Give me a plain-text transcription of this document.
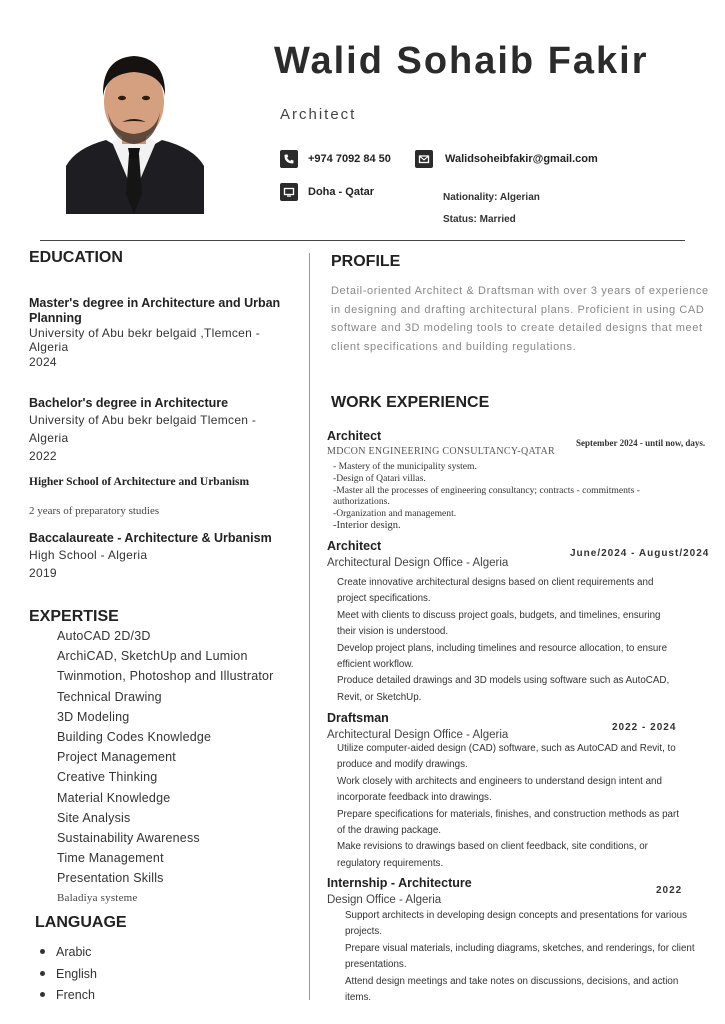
Walid Sohaib Fakir
Architect
+974 7092 84 50	Walidsoheibfakir@gmail.com
Doha - Qatar	Nationality: Algerian
Status: Married
EDUCATION
Master's degree in Architecture and Urban
Planning
University of Abu bekr belgaid ,Tlemcen -
Algeria
2024
Bachelor's degree in Architecture
University of Abu bekr belgaid Tlemcen -
Algeria
2022
Higher School of Architecture and Urbanism
2 years of preparatory studies
Baccalaureate - Architecture & Urbanism
High School - Algeria
2019
EXPERTISE
AutoCAD 2D/3D
ArchiCAD, SketchUp and Lumion
Twinmotion, Photoshop and Illustrator
Technical Drawing
3D Modeling
Building Codes Knowledge
Project Management
Creative Thinking
Material Knowledge
Site Analysis
Sustainability Awareness
Time Management
Presentation Skills
Baladiya systeme
LANGUAGE
Arabic
English
French
PROFILE
Detail-oriented Architect & Draftsman with over 3 years of experience in designing and drafting architectural plans. Proficient in using CAD software and 3D modeling tools to create detailed designs that meet client specifications and building regulations.
WORK EXPERIENCE
Architect
MDCON ENGINEERING CONSULTANCY-QATAR
September 2024 - until now, days.
- Mastery of the municipality system.
-Design of Qatari villas.
-Master all the processes of engineering consultancy; contracts - commitments - authorizations.
-Organization and management.
-Interior design.
Architect
Architectural Design Office - Algeria
June/2024 - August/2024
Create innovative architectural designs based on client requirements and project specifications.
Meet with clients to discuss project goals, budgets, and timelines, ensuring their vision is understood.
Develop project plans, including timelines and resource allocation, to ensure efficient workflow.
Produce detailed drawings and 3D models using software such as AutoCAD, Revit, or SketchUp.
Draftsman
Architectural Design Office - Algeria
2022 - 2024
Utilize computer-aided design (CAD) software, such as AutoCAD and Revit, to produce and modify drawings.
Work closely with architects and engineers to understand design intent and incorporate feedback into drawings.
Prepare specifications for materials, finishes, and construction methods as part of the drawing package.
Make revisions to drawings based on client feedback, site conditions, or regulatory requirements.
Internship - Architecture
Design Office - Algeria
2022
Support architects in developing design concepts and presentations for various projects.
Prepare visual materials, including diagrams, sketches, and renderings, for client presentations.
Attend design meetings and take notes on discussions, decisions, and action items.
